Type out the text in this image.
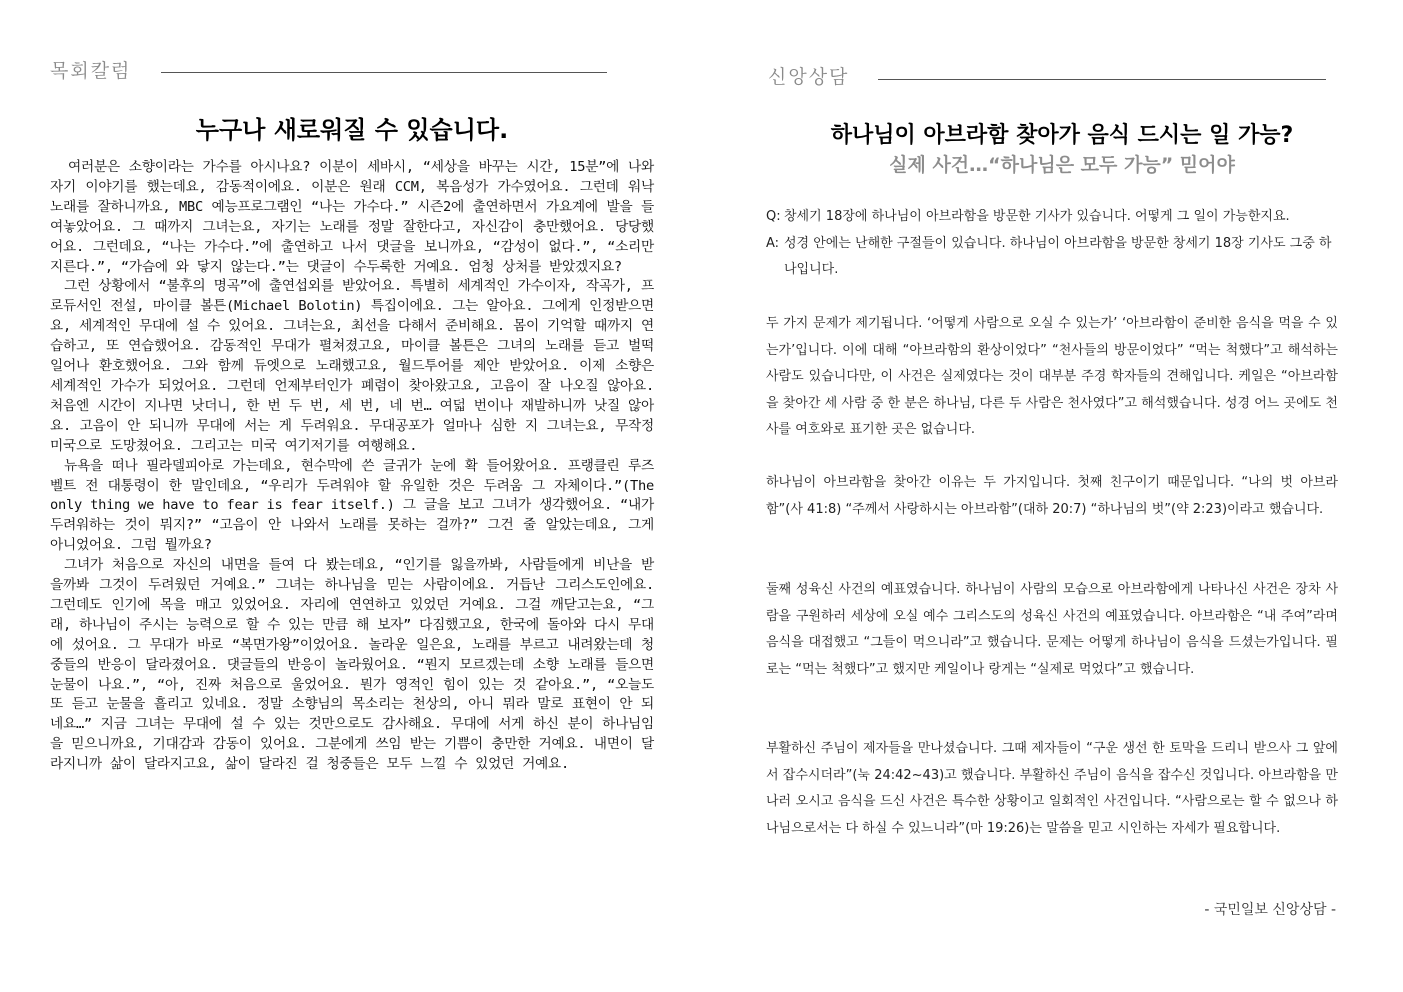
목회칼럼
누구나 새로워질 수 있습니다.

여러분은 소향이라는 가수를 아시나요? 이분이 세바시, “세상을 바꾸는 시간, 15분”에 나와 자기 이야기를 했는데요, 감동적이에요. 이분은 원래 CCM, 복음성가 가수였어요. 그런데 워낙 노래를 잘하니까요, MBC 예능프로그램인 “나는 가수다.” 시즌2에 출연하면서 가요계에 발을 들여놓았어요. 그 때까지 그녀는요, 자기는 노래를 정말 잘한다고, 자신감이 충만했어요. 당당했어요. 그런데요, “나는 가수다.”에 출연하고 나서 댓글을 보니까요, “감성이 없다.”, “소리만 지른다.”, “가슴에 와 닿지 않는다.”는 댓글이 수두룩한 거예요. 엄청 상처를 받았겠지요?

그런 상황에서 “불후의 명곡”에 출연섭외를 받았어요. 특별히 세계적인 가수이자, 작곡가, 프로듀서인 전설, 마이클 볼튼(Michael Bolotin) 특집이에요. 그는 알아요. 그에게 인정받으면요, 세계적인 무대에 설 수 있어요. 그녀는요, 최선을 다해서 준비해요. 몸이 기억할 때까지 연습하고, 또 연습했어요. 감동적인 무대가 펼쳐졌고요, 마이클 볼튼은 그녀의 노래를 듣고 벌떡 일어나 환호했어요. 그와 함께 듀엣으로 노래했고요, 월드투어를 제안 받았어요. 이제 소향은 세계적인 가수가 되었어요. 그런데 언제부터인가 폐렴이 찾아왔고요, 고음이 잘 나오질 않아요. 처음엔 시간이 지나면 낫더니, 한 번 두 번, 세 번, 네 번… 여덟 번이나 재발하니까 낫질 않아요. 고음이 안 되니까 무대에 서는 게 두려워요. 무대공포가 얼마나 심한 지 그녀는요, 무작정 미국으로 도망쳤어요. 그리고는 미국 여기저기를 여행해요.

뉴욕을 떠나 필라델피아로 가는데요, 현수막에 쓴 글귀가 눈에 확 들어왔어요. 프랭클린 루즈벨트 전 대통령이 한 말인데요, “우리가 두려워야 할 유일한 것은 두려움 그 자체이다.”(The only thing we have to fear is fear itself.) 그 글을 보고 그녀가 생각했어요. “내가 두려워하는 것이 뭐지?” “고음이 안 나와서 노래를 못하는 걸까?” 그건 줄 알았는데요, 그게 아니었어요. 그럼 뭘까요?

그녀가 처음으로 자신의 내면을 들여 다 봤는데요, “인기를 잃을까봐, 사람들에게 비난을 받을까봐 그것이 두려웠던 거예요.” 그녀는 하나님을 믿는 사람이에요. 거듭난 그리스도인에요. 그런데도 인기에 목을 매고 있었어요. 자리에 연연하고 있었던 거예요. 그걸 깨닫고는요, “그래, 하나님이 주시는 능력으로 할 수 있는 만큼 해 보자” 다짐했고요, 한국에 돌아와 다시 무대에 섰어요. 그 무대가 바로 “복면가왕”이었어요. 놀라운 일은요, 노래를 부르고 내려왔는데 청중들의 반응이 달라졌어요. 댓글들의 반응이 놀라웠어요. “뭔지 모르겠는데 소향 노래를 들으면 눈물이 나요.”, “아, 진짜 처음으로 울었어요. 뭔가 영적인 힘이 있는 것 같아요.”, “오늘도 또 듣고 눈물을 흘리고 있네요. 정말 소향님의 목소리는 천상의, 아니 뭐라 말로 표현이 안 되네요…” 지금 그녀는 무대에 설 수 있는 것만으로도 감사해요. 무대에 서게 하신 분이 하나님임을 믿으니까요, 기대감과 감동이 있어요. 그분에게 쓰임 받는 기쁨이 충만한 거예요. 내면이 달라지니까 삶이 달라지고요, 삶이 달라진 걸 청중들은 모두 느낄 수 있었던 거예요.

신앙상담
하나님이 아브라함 찾아가 음식 드시는 일 가능?
실제 사건…“하나님은 모두 가능” 믿어야
Q: 창세기 18장에 하나님이 아브라함을 방문한 기사가 있습니다. 어떻게 그 일이 가능한지요.
A: 성경 안에는 난해한 구절들이 있습니다. 하나님이 아브라함을 방문한 창세기 18장 기사도 그중 하나입니다.

두 가지 문제가 제기됩니다. ‘어떻게 사람으로 오실 수 있는가’ ‘아브라함이 준비한 음식을 먹을 수 있는가’입니다. 이에 대해 “아브라함의 환상이었다” “천사들의 방문이었다” “먹는 척했다”고 해석하는 사람도 있습니다만, 이 사건은 실제였다는 것이 대부분 주경 학자들의 견해입니다. 케일은 “아브라함을 찾아간 세 사람 중 한 분은 하나님, 다른 두 사람은 천사였다”고 해석했습니다. 성경 어느 곳에도 천사를 여호와로 표기한 곳은 없습니다.

하나님이 아브라함을 찾아간 이유는 두 가지입니다. 첫째 친구이기 때문입니다. “나의 벗 아브라함”(사 41:8) “주께서 사랑하시는 아브라함”(대하 20:7) “하나님의 벗”(약 2:23)이라고 했습니다.

둘째 성육신 사건의 예표였습니다. 하나님이 사람의 모습으로 아브라함에게 나타나신 사건은 장차 사람을 구원하러 세상에 오실 예수 그리스도의 성육신 사건의 예표였습니다. 아브라함은 “내 주여”라며 음식을 대접했고 “그들이 먹으니라”고 했습니다. 문제는 어떻게 하나님이 음식을 드셨는가입니다. 필로는 “먹는 척했다”고 했지만 케일이나 랑게는 “실제로 먹었다”고 했습니다.

부활하신 주님이 제자들을 만나셨습니다. 그때 제자들이 “구운 생선 한 토막을 드리니 받으사 그 앞에서 잡수시더라”(눅 24:42~43)고 했습니다. 부활하신 주님이 음식을 잡수신 것입니다. 아브라함을 만나러 오시고 음식을 드신 사건은 특수한 상황이고 일회적인 사건입니다. “사람으로는 할 수 없으나 하나님으로서는 다 하실 수 있느니라”(마 19:26)는 말씀을 믿고 시인하는 자세가 필요합니다.

- 국민일보 신앙상담 -
